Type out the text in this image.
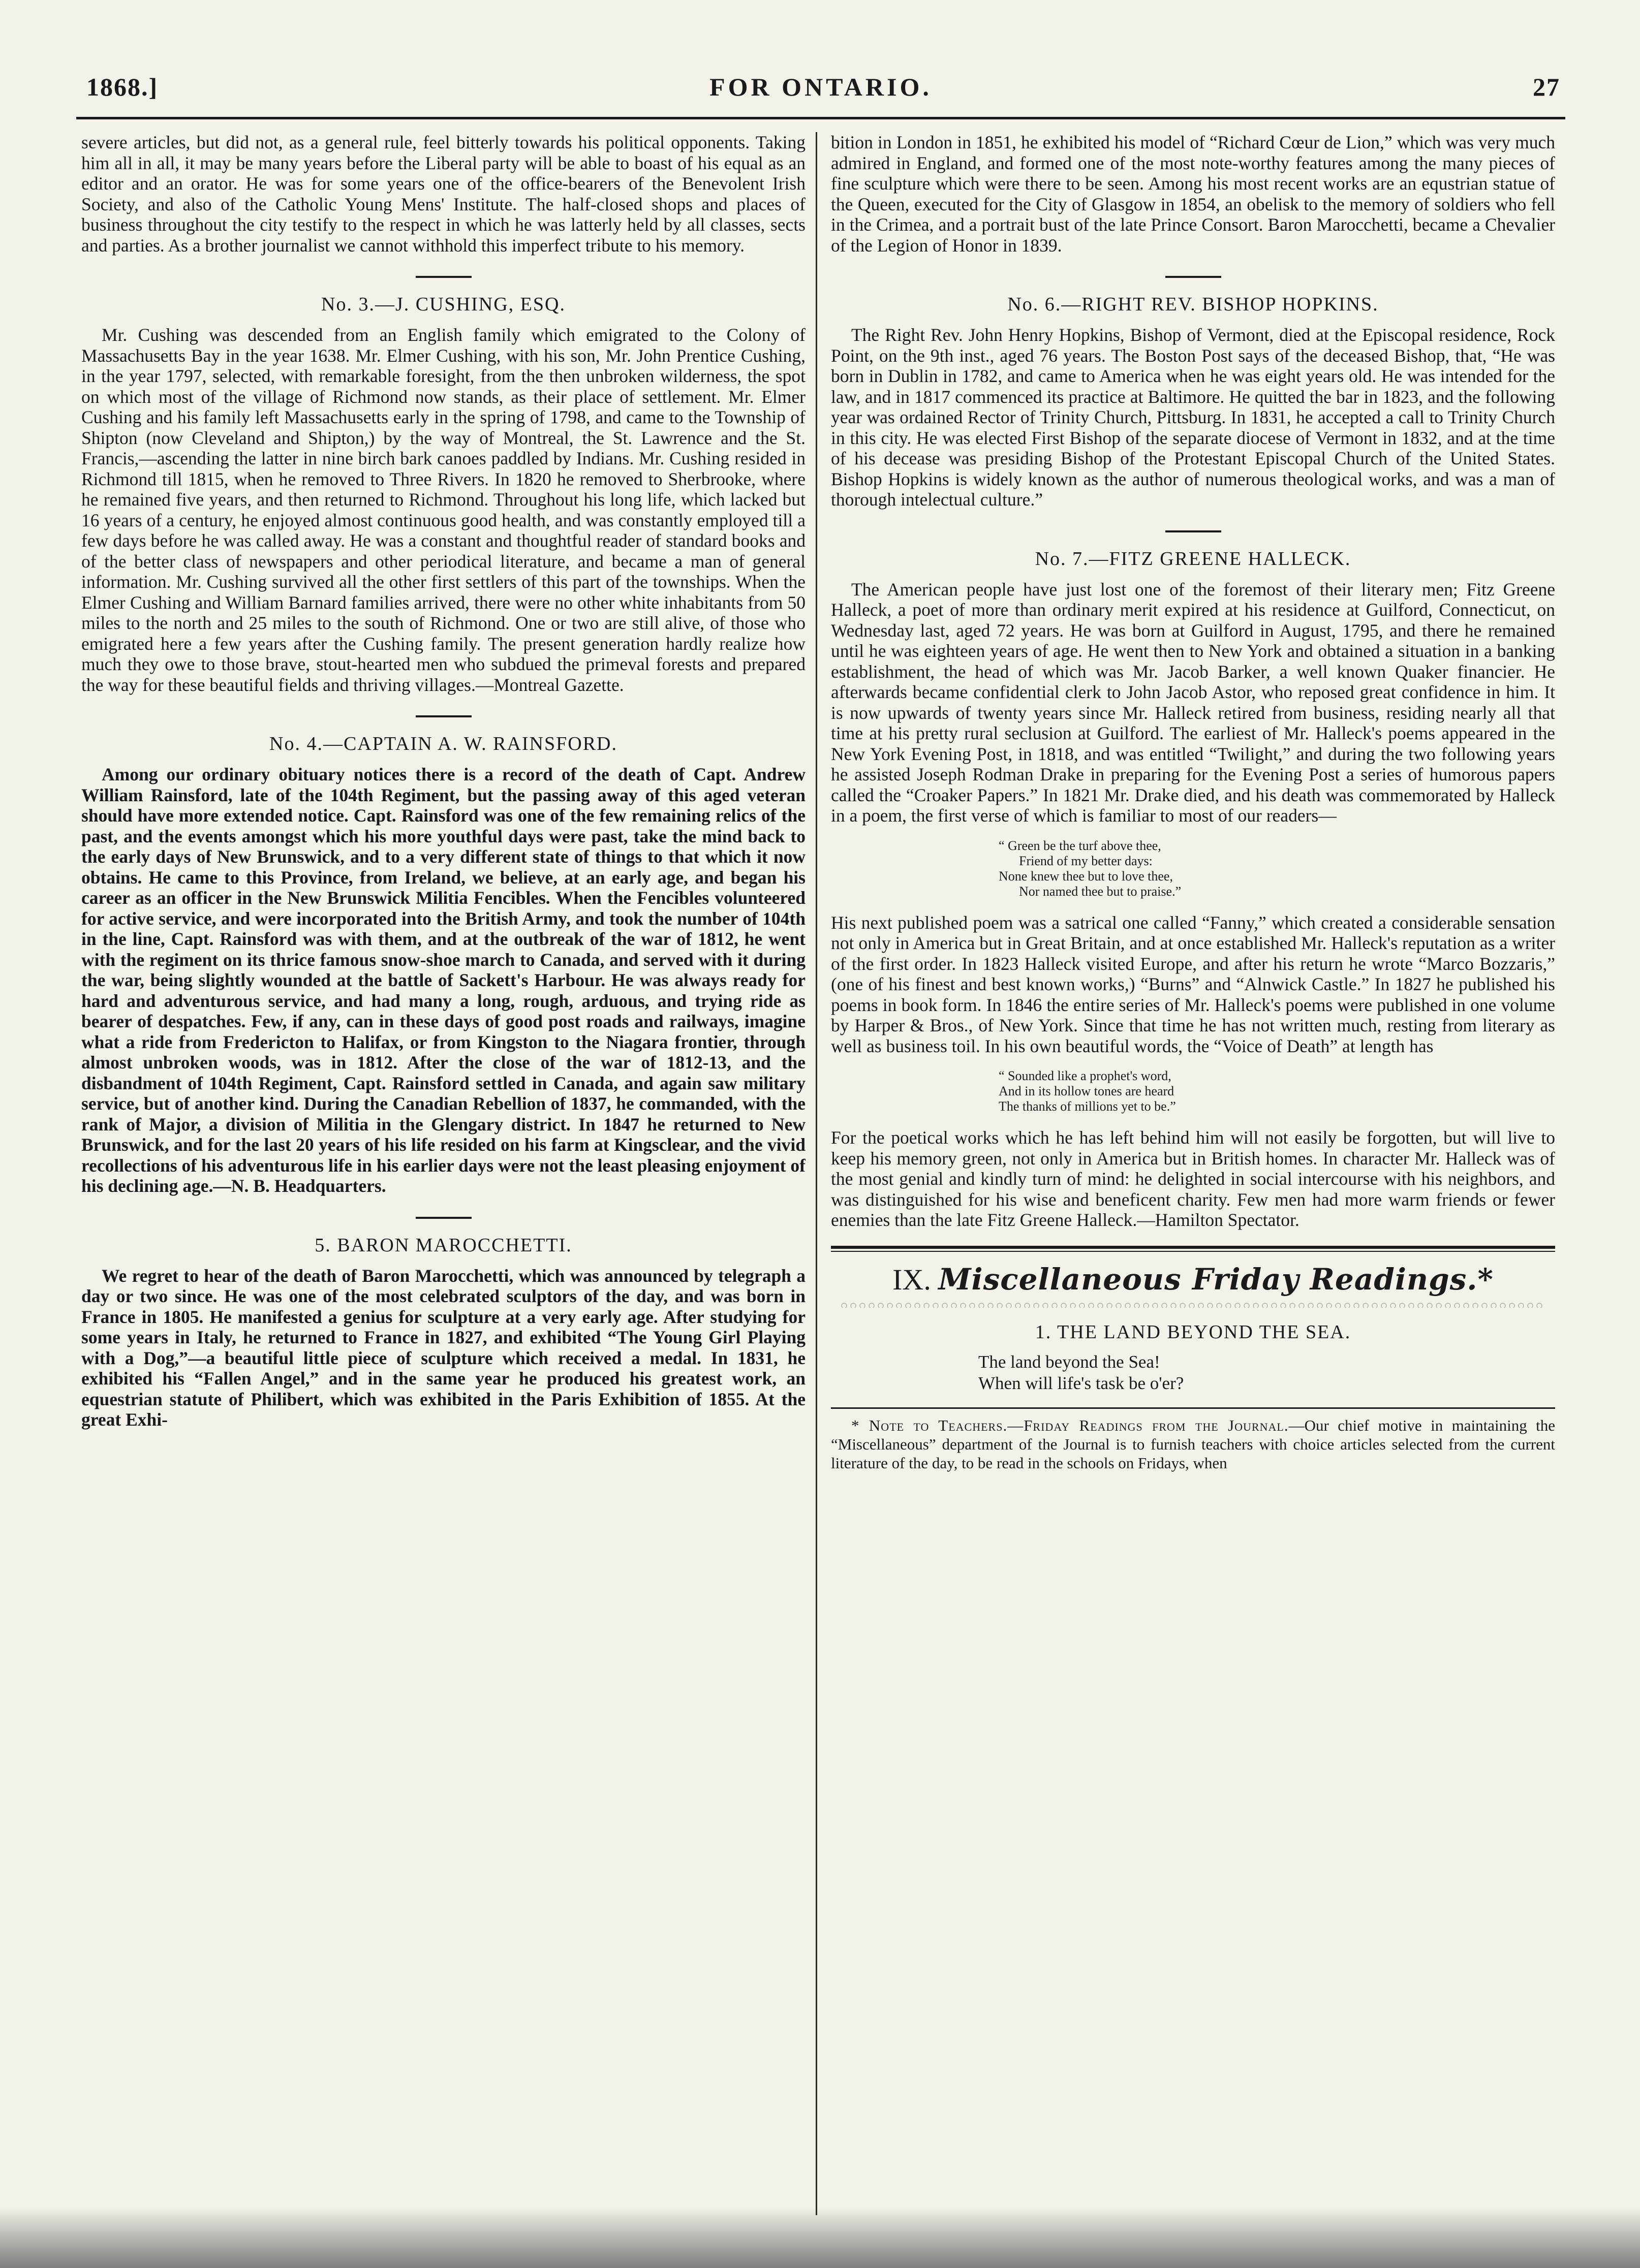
1868.]	FOR ONTARIO.	27

severe articles, but did not, as a general rule, feel bitterly towards his political opponents. Taking him all in all, it may be many years before the Liberal party will be able to boast of his equal as an editor and an orator. He was for some years one of the office-bearers of the Benevolent Irish Society, and also of the Catholic Young Mens' Institute. The half-closed shops and places of business throughout the city testify to the respect in which he was latterly held by all classes, sects and parties. As a brother journalist we cannot withhold this imperfect tribute to his memory.

No. 3.—J. CUSHING, ESQ.

Mr. Cushing was descended from an English family which emigrated to the Colony of Massachusetts Bay in the year 1638. Mr. Elmer Cushing, with his son, Mr. John Prentice Cushing, in the year 1797, selected, with remarkable foresight, from the then unbroken wilderness, the spot on which most of the village of Richmond now stands, as their place of settlement. Mr. Elmer Cushing and his family left Massachusetts early in the spring of 1798, and came to the Township of Shipton (now Cleveland and Shipton,) by the way of Montreal, the St. Lawrence and the St. Francis,—ascending the latter in nine birch bark canoes paddled by Indians. Mr. Cushing resided in Richmond till 1815, when he removed to Three Rivers. In 1820 he removed to Sherbrooke, where he remained five years, and then returned to Richmond. Throughout his long life, which lacked but 16 years of a century, he enjoyed almost continuous good health, and was constantly employed till a few days before he was called away. He was a constant and thoughtful reader of standard books and of the better class of newspapers and other periodical literature, and became a man of general information. Mr. Cushing survived all the other first settlers of this part of the townships. When the Elmer Cushing and William Barnard families arrived, there were no other white inhabitants from 50 miles to the north and 25 miles to the south of Richmond. One or two are still alive, of those who emigrated here a few years after the Cushing family. The present generation hardly realize how much they owe to those brave, stout-hearted men who subdued the primeval forests and prepared the way for these beautiful fields and thriving villages.—Montreal Gazette.

No. 4.—CAPTAIN A. W. RAINSFORD.

Among our ordinary obituary notices there is a record of the death of Capt. Andrew William Rainsford, late of the 104th Regiment, but the passing away of this aged veteran should have more extended notice. Capt. Rainsford was one of the few remaining relics of the past, and the events amongst which his more youthful days were past, take the mind back to the early days of New Brunswick, and to a very different state of things to that which it now obtains. He came to this Province, from Ireland, we believe, at an early age, and began his career as an officer in the New Brunswick Militia Fencibles. When the Fencibles volunteered for active service, and were incorporated into the British Army, and took the number of 104th in the line, Capt. Rainsford was with them, and at the outbreak of the war of 1812, he went with the regiment on its thrice famous snow-shoe march to Canada, and served with it during the war, being slightly wounded at the battle of Sackett's Harbour. He was always ready for hard and adventurous service, and had many a long, rough, arduous, and trying ride as bearer of despatches. Few, if any, can in these days of good post roads and railways, imagine what a ride from Fredericton to Halifax, or from Kingston to the Niagara frontier, through almost unbroken woods, was in 1812. After the close of the war of 1812-13, and the disbandment of 104th Regiment, Capt. Rainsford settled in Canada, and again saw military service, but of another kind. During the Canadian Rebellion of 1837, he commanded, with the rank of Major, a division of Militia in the Glengary district. In 1847 he returned to New Brunswick, and for the last 20 years of his life resided on his farm at Kingsclear, and the vivid recollections of his adventurous life in his earlier days were not the least pleasing enjoyment of his declining age.—N. B. Headquarters.

5. BARON MAROCCHETTI.

We regret to hear of the death of Baron Marocchetti, which was announced by telegraph a day or two since. He was one of the most celebrated sculptors of the day, and was born in France in 1805. He manifested a genius for sculpture at a very early age. After studying for some years in Italy, he returned to France in 1827, and exhibited “The Young Girl Playing with a Dog,”—a beautiful little piece of sculpture which received a medal. In 1831, he exhibited his “Fallen Angel,” and in the same year he produced his greatest work, an equestrian statute of Philibert, which was exhibited in the Paris Exhibition of 1855. At the great Exhi-

bition in London in 1851, he exhibited his model of “Richard Cœur de Lion,” which was very much admired in England, and formed one of the most note-worthy features among the many pieces of fine sculpture which were there to be seen. Among his most recent works are an equstrian statue of the Queen, executed for the City of Glasgow in 1854, an obelisk to the memory of soldiers who fell in the Crimea, and a portrait bust of the late Prince Consort. Baron Marocchetti, became a Chevalier of the Legion of Honor in 1839.

No. 6.—RIGHT REV. BISHOP HOPKINS.

The Right Rev. John Henry Hopkins, Bishop of Vermont, died at the Episcopal residence, Rock Point, on the 9th inst., aged 76 years. The Boston Post says of the deceased Bishop, that, “He was born in Dublin in 1782, and came to America when he was eight years old. He was intended for the law, and in 1817 commenced its practice at Baltimore. He quitted the bar in 1823, and the following year was ordained Rector of Trinity Church, Pittsburg. In 1831, he accepted a call to Trinity Church in this city. He was elected First Bishop of the separate diocese of Vermont in 1832, and at the time of his decease was presiding Bishop of the Protestant Episcopal Church of the United States. Bishop Hopkins is widely known as the author of numerous theological works, and was a man of thorough intelectual culture.”

No. 7.—FITZ GREENE HALLECK.

The American people have just lost one of the foremost of their literary men; Fitz Greene Halleck, a poet of more than ordinary merit expired at his residence at Guilford, Connecticut, on Wednesday last, aged 72 years. He was born at Guilford in August, 1795, and there he remained until he was eighteen years of age. He went then to New York and obtained a situation in a banking establishment, the head of which was Mr. Jacob Barker, a well known Quaker financier. He afterwards became confidential clerk to John Jacob Astor, who reposed great confidence in him. It is now upwards of twenty years since Mr. Halleck retired from business, residing nearly all that time at his pretty rural seclusion at Guilford. The earliest of Mr. Halleck's poems appeared in the New York Evening Post, in 1818, and was entitled “Twilight,” and during the two following years he assisted Joseph Rodman Drake in preparing for the Evening Post a series of humorous papers called the “Croaker Papers.” In 1821 Mr. Drake died, and his death was commemorated by Halleck in a poem, the first verse of which is familiar to most of our readers—

“ Green be the turf above thee,
Friend of my better days:
None knew thee but to love thee,
Nor named thee but to praise.”

His next published poem was a satrical one called “Fanny,” which created a considerable sensation not only in America but in Great Britain, and at once established Mr. Halleck's reputation as a writer of the first order. In 1823 Halleck visited Europe, and after his return he wrote “Marco Bozzaris,” (one of his finest and best known works,) “Burns” and “Alnwick Castle.” In 1827 he published his poems in book form. In 1846 the entire series of Mr. Halleck's poems were published in one volume by Harper & Bros., of New York. Since that time he has not written much, resting from literary as well as business toil. In his own beautiful words, the “Voice of Death” at length has

“ Sounded like a prophet's word,
And in its hollow tones are heard
The thanks of millions yet to be.”

For the poetical works which he has left behind him will not easily be forgotten, but will live to keep his memory green, not only in America but in British homes. In character Mr. Halleck was of the most genial and kindly turn of mind: he delighted in social intercourse with his neighbors, and was distinguished for his wise and beneficent charity. Few men had more warm friends or fewer enemies than the late Fitz Greene Halleck.—Hamilton Spectator.

IX. Miscellaneous Friday Readings.*
1. THE LAND BEYOND THE SEA.
The land beyond the Sea!
When will life's task be o'er?

* Note to Teachers.—Friday Readings from the Journal.—Our chief motive in maintaining the “Miscellaneous” department of the Journal is to furnish teachers with choice articles selected from the current literature of the day, to be read in the schools on Fridays, when
